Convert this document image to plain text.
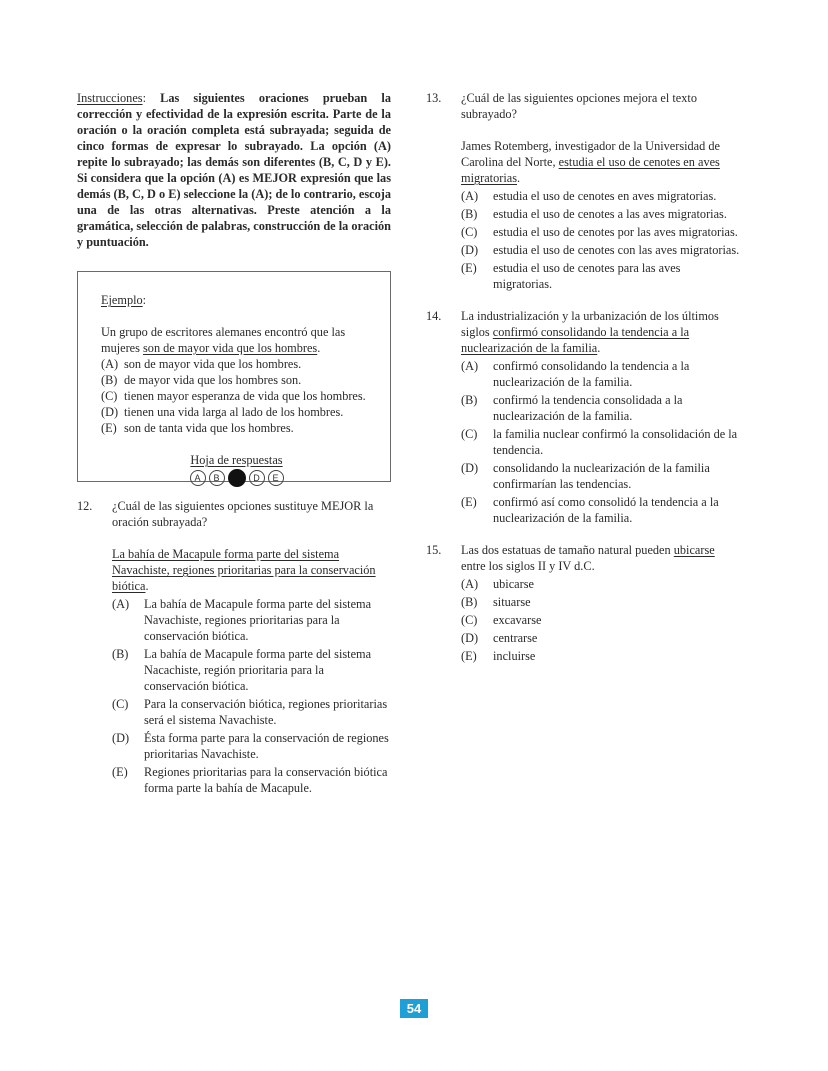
Instrucciones: Las siguientes oraciones prueban la corrección y efectividad de la expresión escrita. Parte de la oración o la oración completa está subrayada; seguida de cinco formas de expresar lo subrayado. La opción (A) repite lo subrayado; las demás son diferentes (B, C, D y E). Si considera que la opción (A) es MEJOR expresión que las demás (B, C, D o E) seleccione la (A); de lo contrario, escoja una de las otras alternativas. Preste atención a la gramática, selección de palabras, construcción de la oración y puntuación.
Ejemplo:
Un grupo de escritores alemanes encontró que las mujeres son de mayor vida que los hombres.
(A) son de mayor vida que los hombres.
(B) de mayor vida que los hombres son.
(C) tienen mayor esperanza de vida que los hombres.
(D) tienen una vida larga al lado de los hombres.
(E) son de tanta vida que los hombres.
Hoja de respuestas
A	B	D	E
12.	¿Cuál de las siguientes opciones sustituye MEJOR la oración subrayada?
La bahía de Macapule forma parte del sistema Navachiste, regiones prioritarias para la conservación biótica.
(A)	La bahía de Macapule forma parte del sistema Navachiste, regiones prioritarias para la conservación biótica.
(B)	La bahía de Macapule forma parte del sistema Nacachiste, región prioritaria para la conservación biótica.
(C)	Para la conservación biótica, regiones prioritarias será el sistema Navachiste.
(D)	Ésta forma parte para la conservación de regiones prioritarias Navachiste.
(E)	Regiones prioritarias para la conservación biótica forma parte la bahía de Macapule.
13.	¿Cuál de las siguientes opciones mejora el texto subrayado?
James Rotemberg, investigador de la Universidad de Carolina del Norte, estudia el uso de cenotes en aves migratorias.
(A)	estudia el uso de cenotes en aves migratorias.
(B)	estudia el uso de cenotes a las aves migratorias.
(C)	estudia el uso de cenotes por las aves migratorias.
(D)	estudia el uso de cenotes con las aves migratorias.
(E)	estudia el uso de cenotes para las aves migratorias.
14.	La industrialización y la urbanización de los últimos siglos confirmó consolidando la tendencia a la nuclearización de la familia.
(A)	confirmó consolidando la tendencia a la nuclearización de la familia.
(B)	confirmó la tendencia consolidada a la nuclearización de la familia.
(C)	la familia nuclear confirmó la consolidación de la tendencia.
(D)	consolidando la nuclearización de la familia confirmarían las tendencias.
(E)	confirmó así como consolidó la tendencia a la nuclearización de la familia.
15.	Las dos estatuas de tamaño natural pueden ubicarse entre los siglos II y IV d.C.
(A)	ubicarse
(B)	situarse
(C)	excavarse
(D)	centrarse
(E)	incluirse
54
